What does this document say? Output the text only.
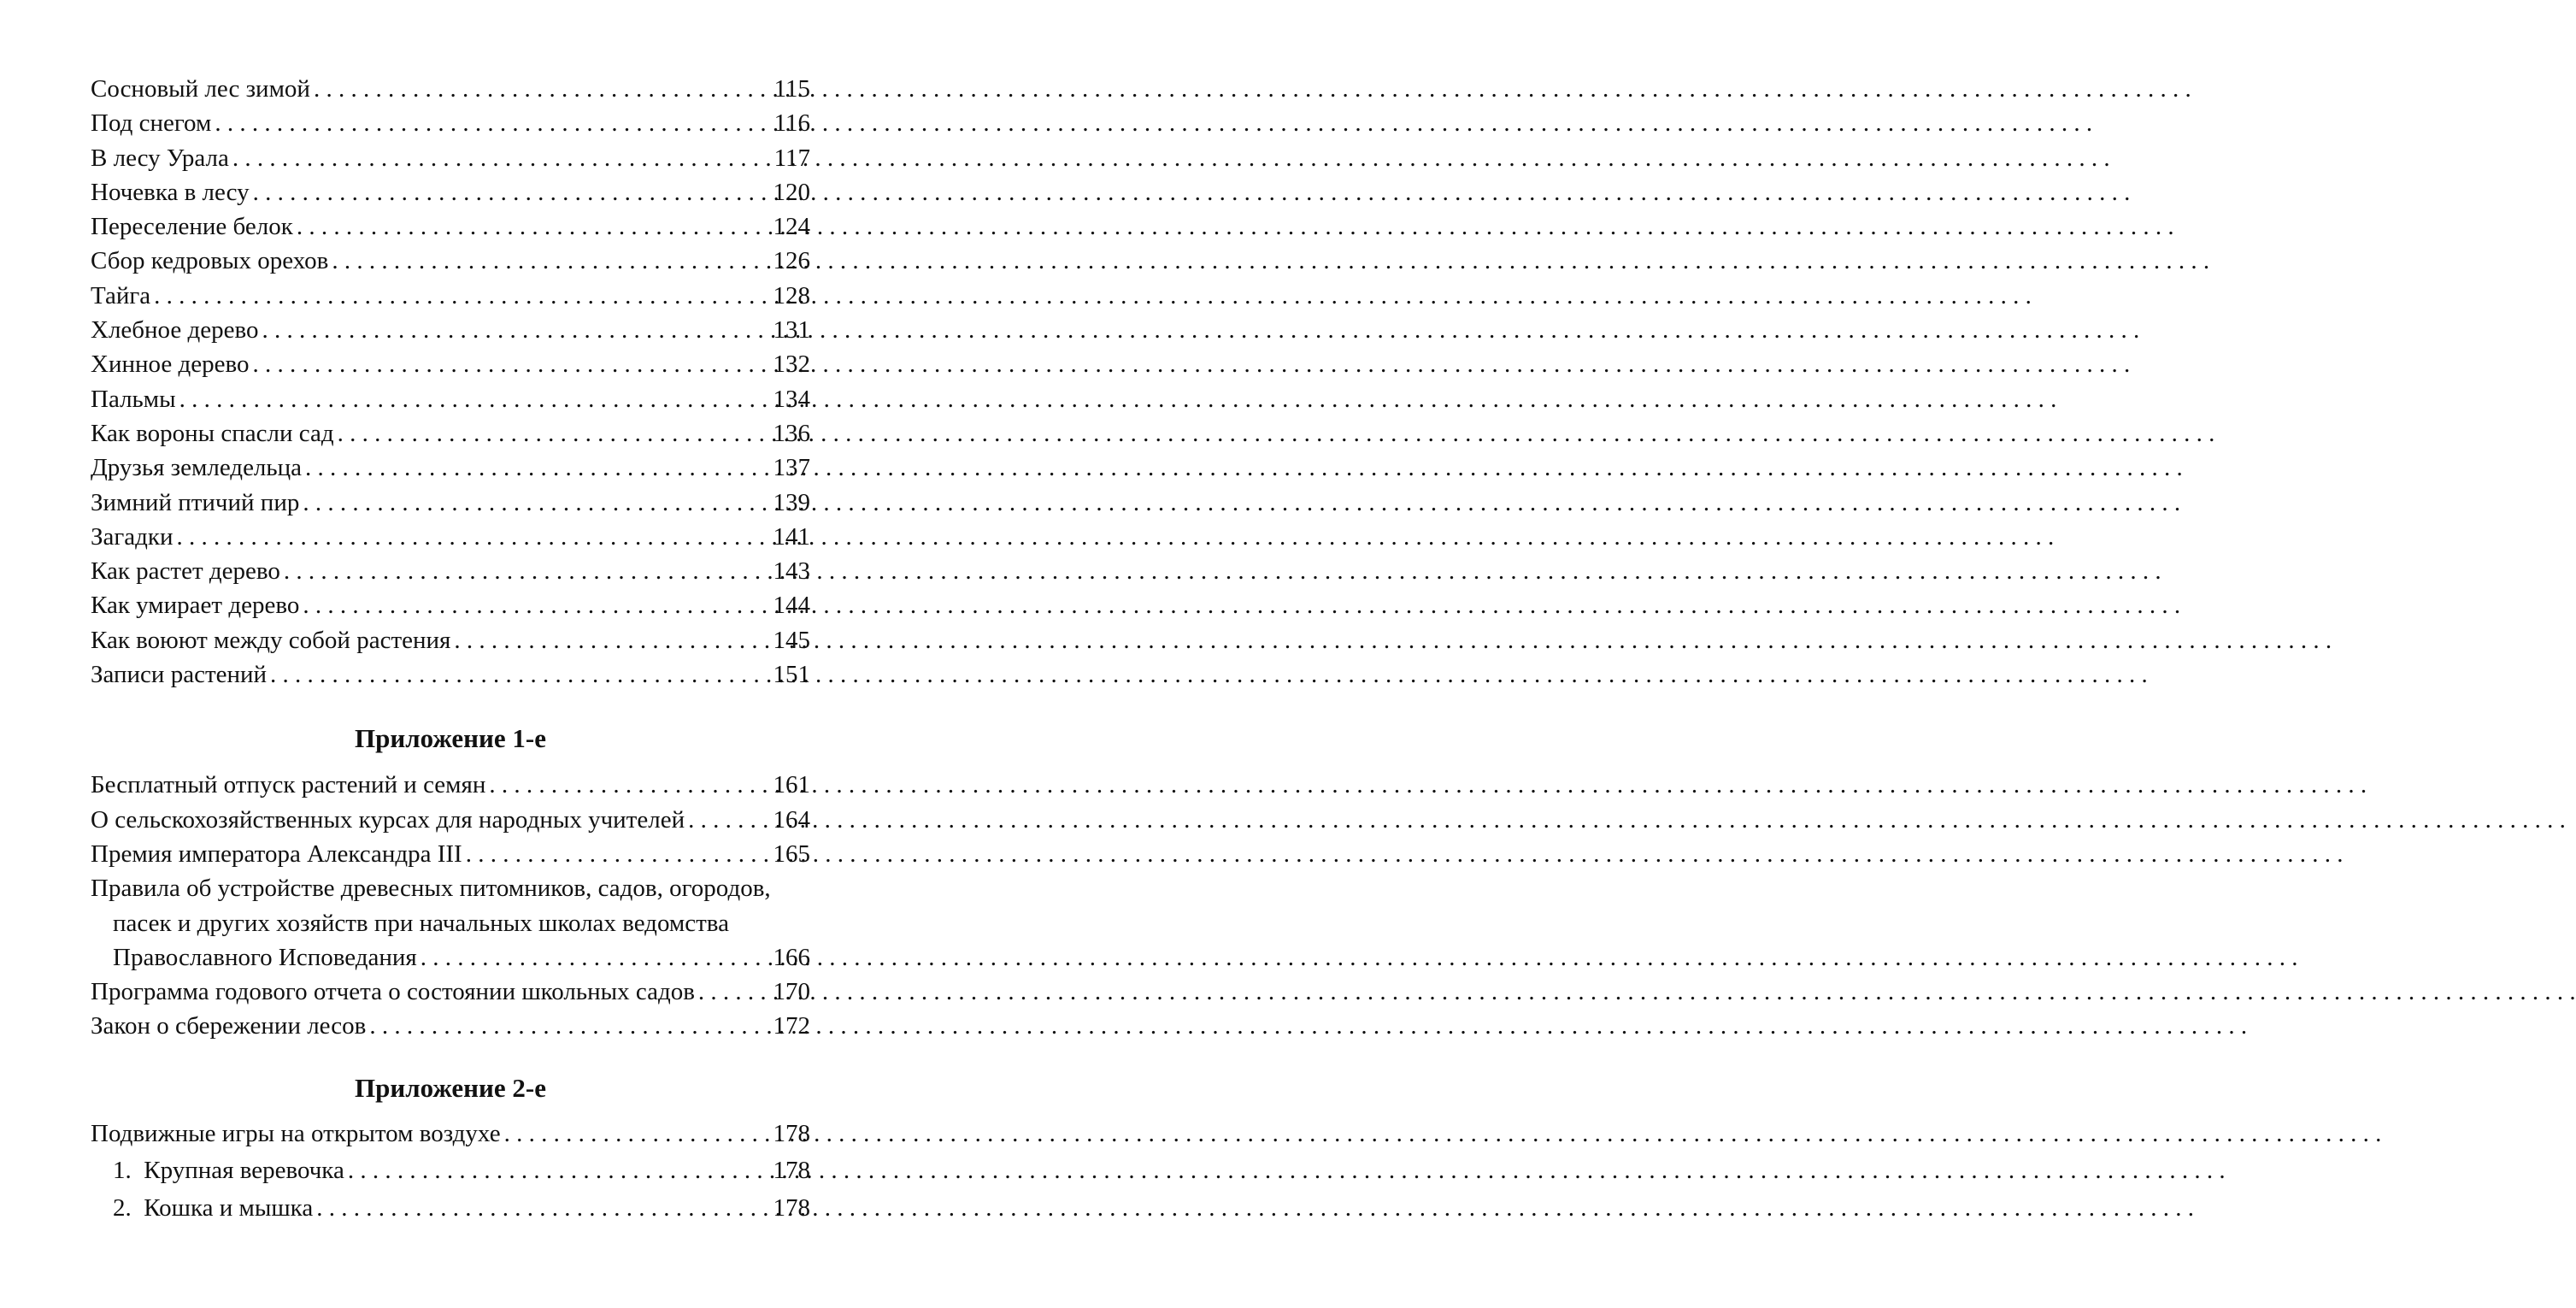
Сосновый лес зимой . . .	115
Под снегом . . .	116
В лесу Урала . . .	117
Ночевка в лесу . . .	120
Переселение белок . . .	124
Сбор кедровых орехов . . .	126
Тайга . . .	128
Хлебное дерево . . .	131
Хинное дерево . . .	132
Пальмы . . .	134
Как вороны спасли сад . . .	136
Друзья земледельца . . .	137
Зимний птичий пир . . .	139
Загадки . . .	141
Как растет дерево . . .	143
Как умирает дерево . . .	144
Как воюют между собой растения . . .	145
Записи растений . . .	151
Приложение 1-е
Бесплатный отпуск растений и семян . . .	161
О сельскохозяйственных курсах для народных учителей . . .	164
Премия императора Александра III . . .	165
Правила об устройстве древесных питомников, садов, огородов,
пасек и других хозяйств при начальных школах ведомства
Православного Исповедания . . .	166
Программа годового отчета о состоянии школьных садов . . .	170
Закон о сбережении лесов . . .	172
Приложение 2-е
Подвижные игры на открытом воздухе . . .	178
1.  Крупная веревочка . . .	178
2.  Кошка и мышка . . .	178
